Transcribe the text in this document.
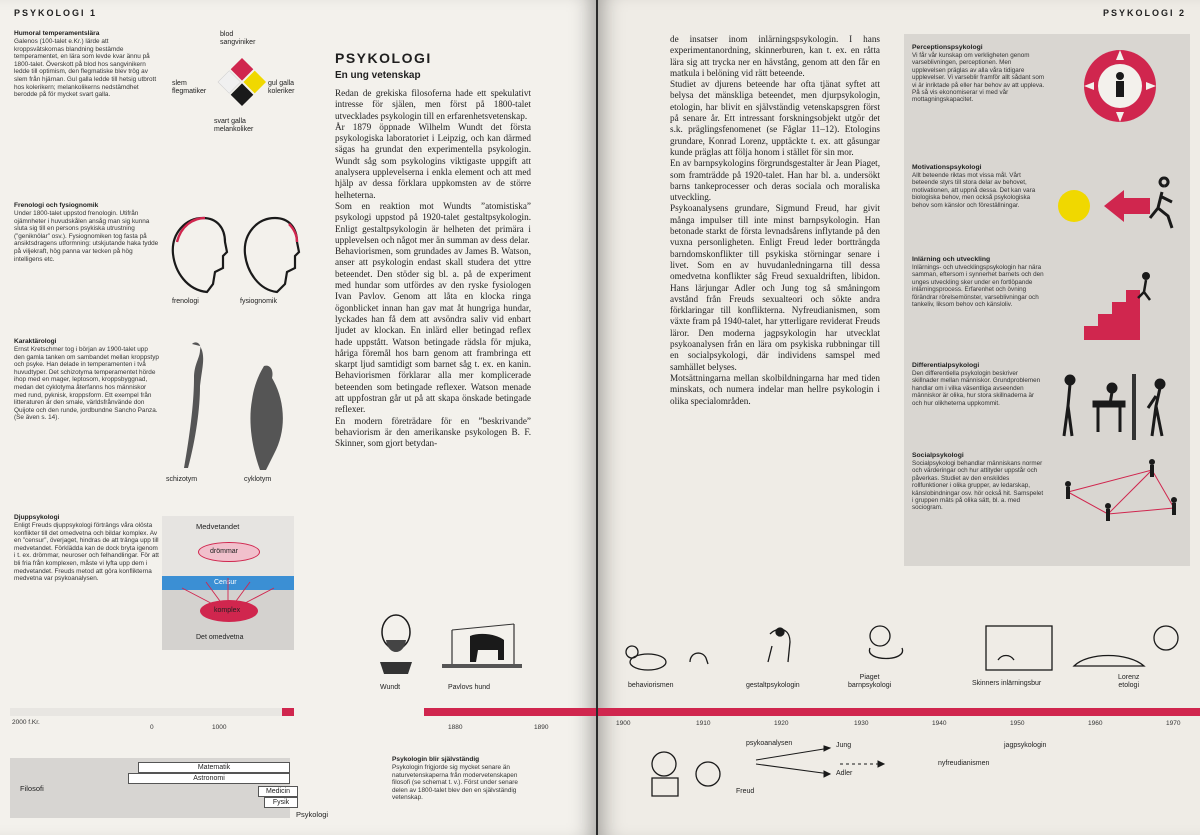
PSYKOLOGI 1
Humoral temperamentslära
Galenos (100-talet e.Kr.) lärde att kroppsvätskornas blandning bestämde temperamentet, en lära som levde kvar ännu på 1800-talet. Överskott på blod hos sangvinikern ledde till optimism, den flegmatiske blev trög av slem från hjärnan. Gul galla ledde till hetsig utbrott hos kolerikern; melankolikerns nedstämdhet berodde på för mycket svart galla.
blod
sangviniker
slem
flegmatiker
gul galla
koleriker
svart galla
melankoliker
Frenologi och fysiognomik
Under 1800-talet uppstod frenologin. Utifrån ojämnheter i huvudskålen ansåg man sig kunna sluta sig till en persons psykiska utrustning (”geniknölar” osv.). Fysiognomiken tog fasta på ansiktsdragens utformning: utskjutande haka tydde på viljekraft, hög panna var tecken på hög intelligens etc.
frenologi	fysiognomik
Karaktärologi
Ernst Kretschmer tog i början av 1900-talet upp den gamla tanken om sambandet mellan kroppstyp och psyke. Han delade in temperamenten i två huvudtyper. Det schizotyma temperamentet hörde ihop med en mager, leptosom, kroppsbyggnad, medan det cyklotyma återfanns hos människor med rund, pyknisk, kroppsform. Ett exempel från litteraturen är den smale, världsfrånvände don Quijote och den runde, jordbundne Sancho Panza. (Se även s. 14).
schizotym	cyklotym
Djuppsykologi
Enligt Freuds djuppsykologi förträngs våra olösta konflikter till det omedvetna och bildar komplex. Av en ”censur”, överjaget, hindras de att tränga upp till medvetandet. Förklädda kan de dock bryta igenom i t. ex. drömmar, neuroser och felhandlingar. För att bli fria från komplexen, måste vi lyfta upp dem i medvetandet. Freuds metod att göra konflikterna medvetna var psykoanalysen.
Medvetandet
drömmar
Censur
komplex
Det omedvetna
PSYKOLOGI
En ung vetenskap

Redan de grekiska filosoferna hade ett spekulativt intresse för själen, men först på 1800-talet utvecklades psykologin till en erfarenhetsvetenskap.

År 1879 öppnade Wilhelm Wundt det första psykologiska laboratoriet i Leipzig, och kan därmed sägas ha grundat den experimentella psykologin. Wundt såg som psykologins viktigaste uppgift att analysera upplevelserna i enkla element och att med hjälp av dessa förklara uppkomsten av de större helheterna.

Som en reaktion mot Wundts ”atomistiska” psykologi uppstod på 1920-talet gestaltpsykologin. Enligt gestaltpsykologin är helheten det primära i upplevelsen och något mer än summan av dess delar.

Behaviorismen, som grundades av James B. Watson, anser att psykologin endast skall studera det yttre beteendet. Den stöder sig bl. a. på de experiment med hundar som utfördes av den ryske fysiologen Ivan Pavlov. Genom att låta en klocka ringa ögonblicket innan han gav mat åt hungriga hundar, lyckades han få dem att avsöndra saliv vid enbart ljudet av klockan. En inlärd eller betingad reflex hade uppstått. Watson betingade rädsla för mjuka, håriga föremål hos barn genom att frambringa ett skarpt ljud samtidigt som barnet såg t. ex. en kanin. Behaviorismen förklarar alla mer komplicerade beteenden som betingade reflexer. Watson menade att uppfostran går ut på att skapa önskade betingade reflexer.

En modern företrädare för en ”beskrivande” behaviorism är den amerikanske psykologen B. F. Skinner, som gjort betydan-

Wundt	Pavlovs hund
2000 f.Kr.
0	1000	1880	1890
Filosofi
Matematik
Astronomi
Medicin
Fysik
Psykologi
Psykologin blir självständig
Psykologin frigjorde sig mycket senare än naturvetenskaperna från modervetenskapen filosofi (se schemat t. v.). Först under senare delen av 1800-talet blev den en självständig vetenskap.
PSYKOLOGI 2

de insatser inom inlärningspsykologin. I hans experimentanordning, skinnerburen, kan t. ex. en råtta lära sig att trycka ner en hävstång, genom att den får en matkula i belöning vid rätt beteende.

Studiet av djurens beteende har ofta tjänat syftet att belysa det mänskliga beteendet, men djurpsykologin, etologin, har blivit en självständig vetenskapsgren först på senare år. Ett intressant forskningsobjekt utgör det s.k. präglingsfenomenet (se Fåglar 11–12). Etologins grundare, Konrad Lorenz, upptäckte t. ex. att gåsungar kunde präglas att följa honom i stället för sin mor.

En av barnpsykologins förgrundsgestalter är Jean Piaget, som framträdde på 1920-talet. Han har bl. a. undersökt barns tankeprocesser och deras sociala och moraliska utveckling.

Psykoanalysens grundare, Sigmund Freud, har givit många impulser till inte minst barnpsykologin. Han betonade starkt de första levnadsårens inflytande på den vuxna personligheten. Enligt Freud leder bortträngda barndomskonflikter till psykiska störningar senare i livet. Som en av huvudanledningarna till dessa omedvetna konflikter såg Freud sexualdriften, libidon. Hans lärjungar Adler och Jung tog så småningom avstånd från Freuds sexualteori och sökte andra förklaringar till konflikterna. Nyfreudianismen, som växte fram på 1940-talet, har ytterligare reviderat Freuds läror. Den moderna jagpsykologin har utvecklat psykoanalysen från en lära om psykiska rubbningar till en socialpsykologi, där individens samspel med samhället belyses.

Motsättningarna mellan skolbildningarna har med tiden minskats, och numera indelar man hellre psykologin i olika specialområden.

Perceptionspsykologi
Vi får vår kunskap om verkligheten genom varseblivningen, perceptionen. Men upplevelsen präglas av alla våra tidigare upplevelser. Vi varseblir framför allt sådant som vi är inriktade på eller har behov av att uppleva. På så vis ekonomiserar vi med vår mottagningskapacitet.
Motivationspsykologi
Allt beteende riktas mot vissa mål. Vårt beteende styrs till stora delar av behovet, motivationen, att uppnå dessa. Det kan vara biologiska behov, men också psykologiska behov som känslor och föreställningar.
Inlärning och utveckling
Inlärnings- och utvecklingspsykologin har nära samman, eftersom i synnerhet barnets och den unges utveckling sker under en fortlöpande inlärningsprocess. Erfarenhet och övning förändrar rörelsemönster, varseblivningar och tankeliv, liksom behov och känsloliv.
Differentialpsykologi
Den differentiella psykologin beskriver skillnader mellan människor. Grundproblemen handlar om i vilka väsentliga avseenden människor är olika, hur stora skillnaderna är och hur olikheterna uppkommit.
Socialpsykologi
Socialpsykologi behandlar människans normer och värderingar och hur attityder uppstår och påverkas. Studiet av den enskildes rollfunktioner i olika grupper, av ledarskap, känslobindningar osv. hör också hit. Samspelet i gruppen mäts på olika sätt, bl. a. med sociogram.
behaviorismen	gestaltpsykologin
Piaget
barnpsykologi	Skinners inlärningsbur
Lorenz
etologi
1900	1910	1920	1930	1940	1950	1960	1970
psykoanalysen	Jung
Adler
Freud
jagpsykologin
nyfreudianismen
